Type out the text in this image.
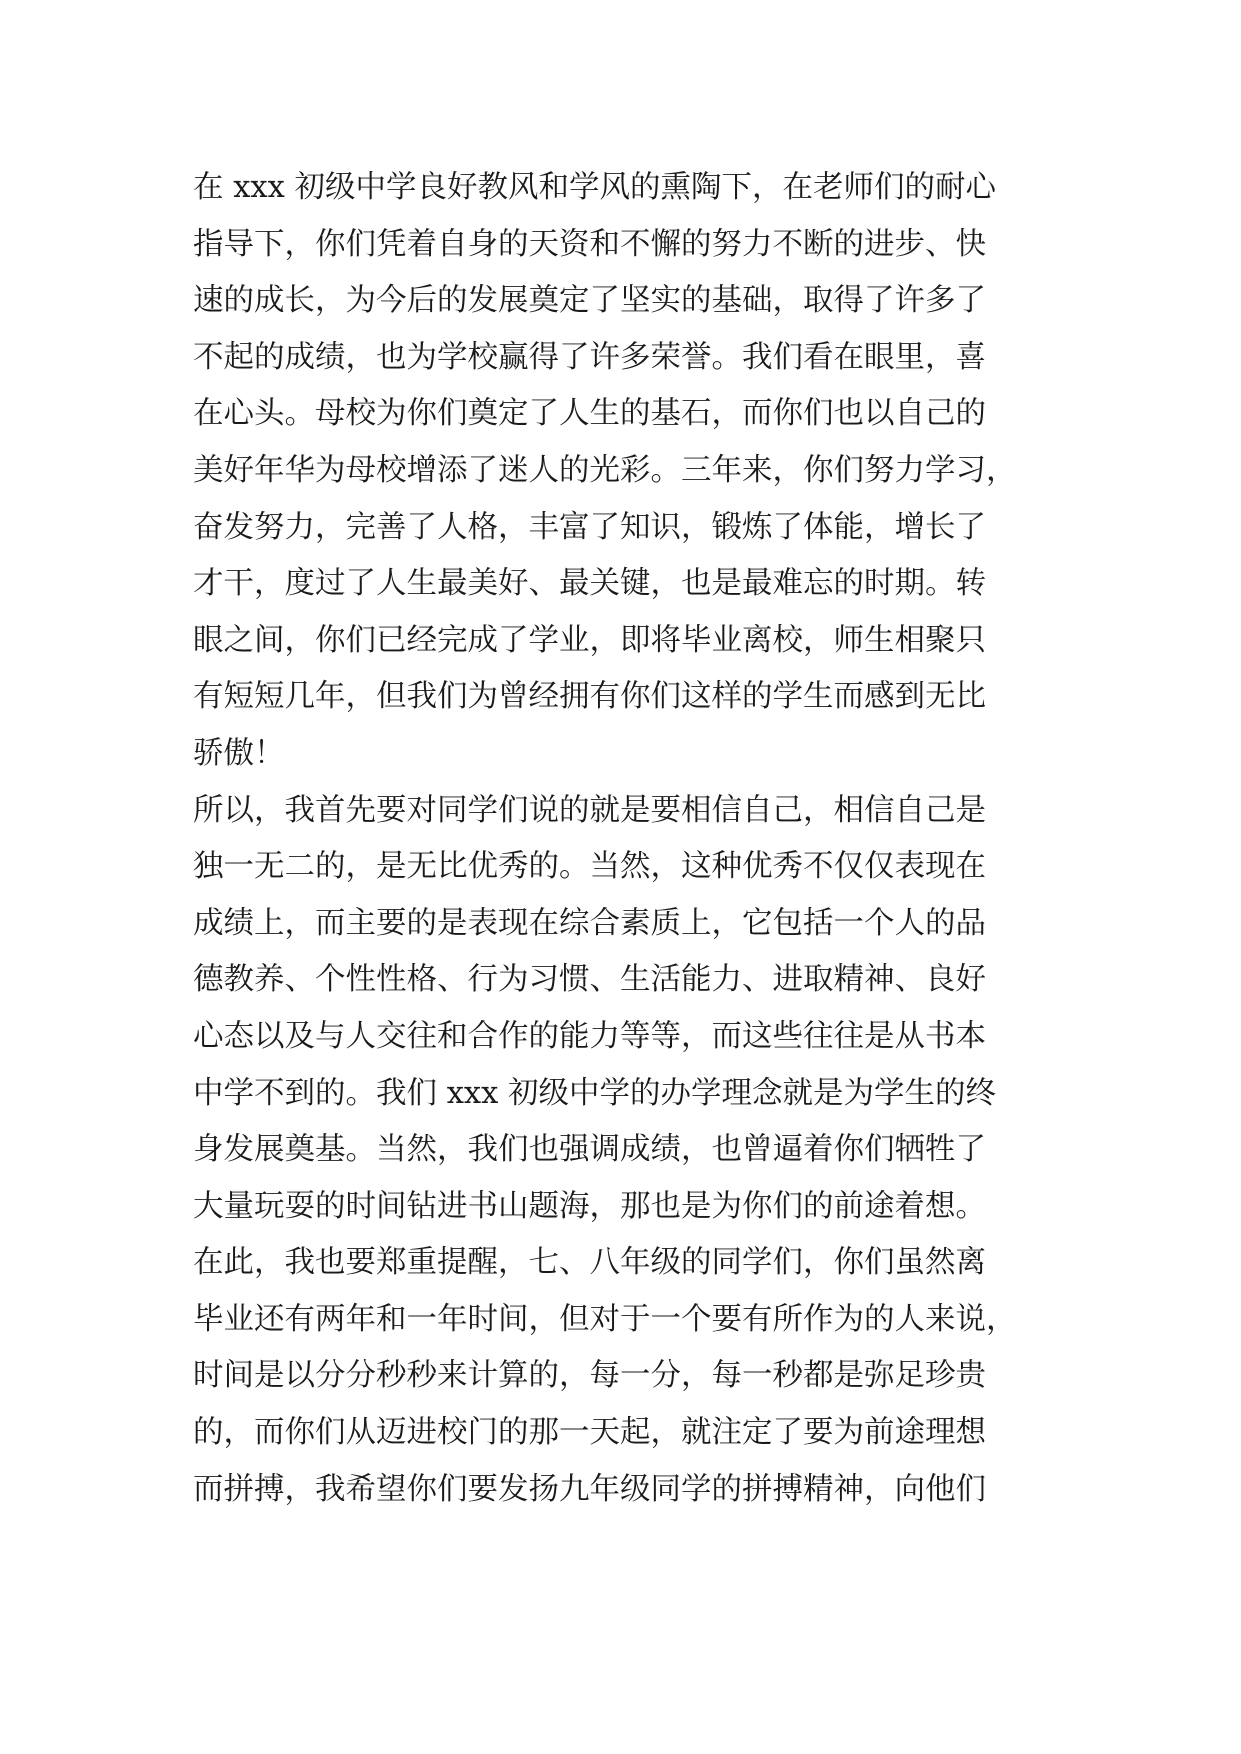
在 xxx 初级中学良好教风和学风的熏陶下，在老师们的耐心
指导下，你们凭着自身的天资和不懈的努力不断的进步、快
速的成长，为今后的发展奠定了坚实的基础，取得了许多了
不起的成绩，也为学校赢得了许多荣誉。我们看在眼里，喜
在心头。母校为你们奠定了人生的基石，而你们也以自己的
美好年华为母校增添了迷人的光彩。三年来，你们努力学习，
奋发努力，完善了人格，丰富了知识，锻炼了体能，增长了
才干，度过了人生最美好、最关键，也是最难忘的时期。转
眼之间，你们已经完成了学业，即将毕业离校，师生相聚只
有短短几年，但我们为曾经拥有你们这样的学生而感到无比
骄傲！
所以，我首先要对同学们说的就是要相信自己，相信自己是
独一无二的，是无比优秀的。当然，这种优秀不仅仅表现在
成绩上，而主要的是表现在综合素质上，它包括一个人的品
德教养、个性性格、行为习惯、生活能力、进取精神、良好
心态以及与人交往和合作的能力等等，而这些往往是从书本
中学不到的。我们 xxx 初级中学的办学理念就是为学生的终
身发展奠基。当然，我们也强调成绩，也曾逼着你们牺牲了
大量玩耍的时间钻进书山题海，那也是为你们的前途着想。
在此，我也要郑重提醒，七、八年级的同学们，你们虽然离
毕业还有两年和一年时间，但对于一个要有所作为的人来说，
时间是以分分秒秒来计算的，每一分，每一秒都是弥足珍贵
的，而你们从迈进校门的那一天起，就注定了要为前途理想
而拼搏，我希望你们要发扬九年级同学的拼搏精神，向他们
